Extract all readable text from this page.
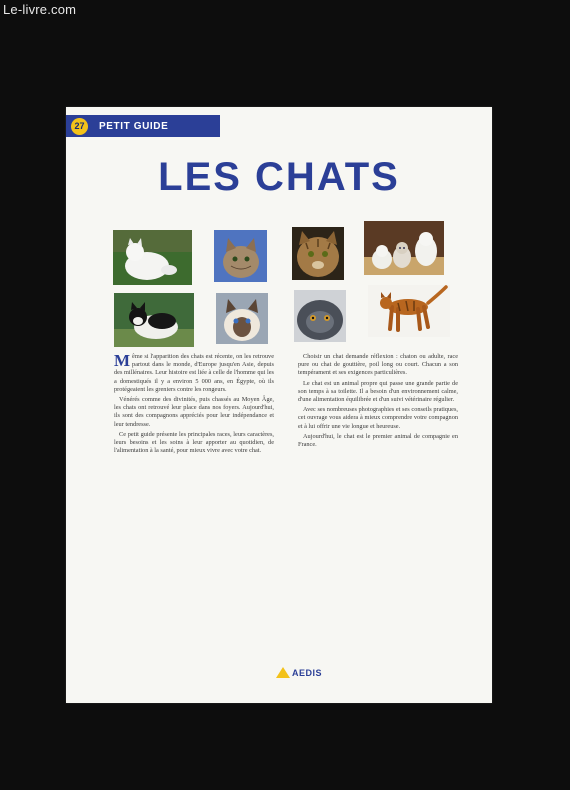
Le-livre.com
27	PETIT GUIDE
LES CHATS

Même si l'apparition des chats est récente, on les retrouve partout dans le monde, d'Europe jusqu'en Asie, depuis des millénaires. Leur histoire est liée à celle de l'homme qui les a domestiqués il y a environ 5 000 ans, en Égypte, où ils protégeaient les greniers contre les rongeurs.

Vénérés comme des divinités, puis chassés au Moyen Âge, les chats ont retrouvé leur place dans nos foyers. Aujourd'hui, ils sont des compagnons appréciés pour leur indépendance et leur tendresse.

Ce petit guide présente les principales races, leurs caractères, leurs besoins et les soins à leur apporter au quotidien, de l'alimentation à la santé, pour mieux vivre avec votre chat.

Choisir un chat demande réflexion : chaton ou adulte, race pure ou chat de gouttière, poil long ou court. Chacun a son tempérament et ses exigences particulières.

Le chat est un animal propre qui passe une grande partie de son temps à sa toilette. Il a besoin d'un environnement calme, d'une alimentation équilibrée et d'un suivi vétérinaire régulier.

Avec ses nombreuses photographies et ses conseils pratiques, cet ouvrage vous aidera à mieux comprendre votre compagnon et à lui offrir une vie longue et heureuse.

Aujourd'hui, le chat est le premier animal de compagnie en France.

AEDIS
